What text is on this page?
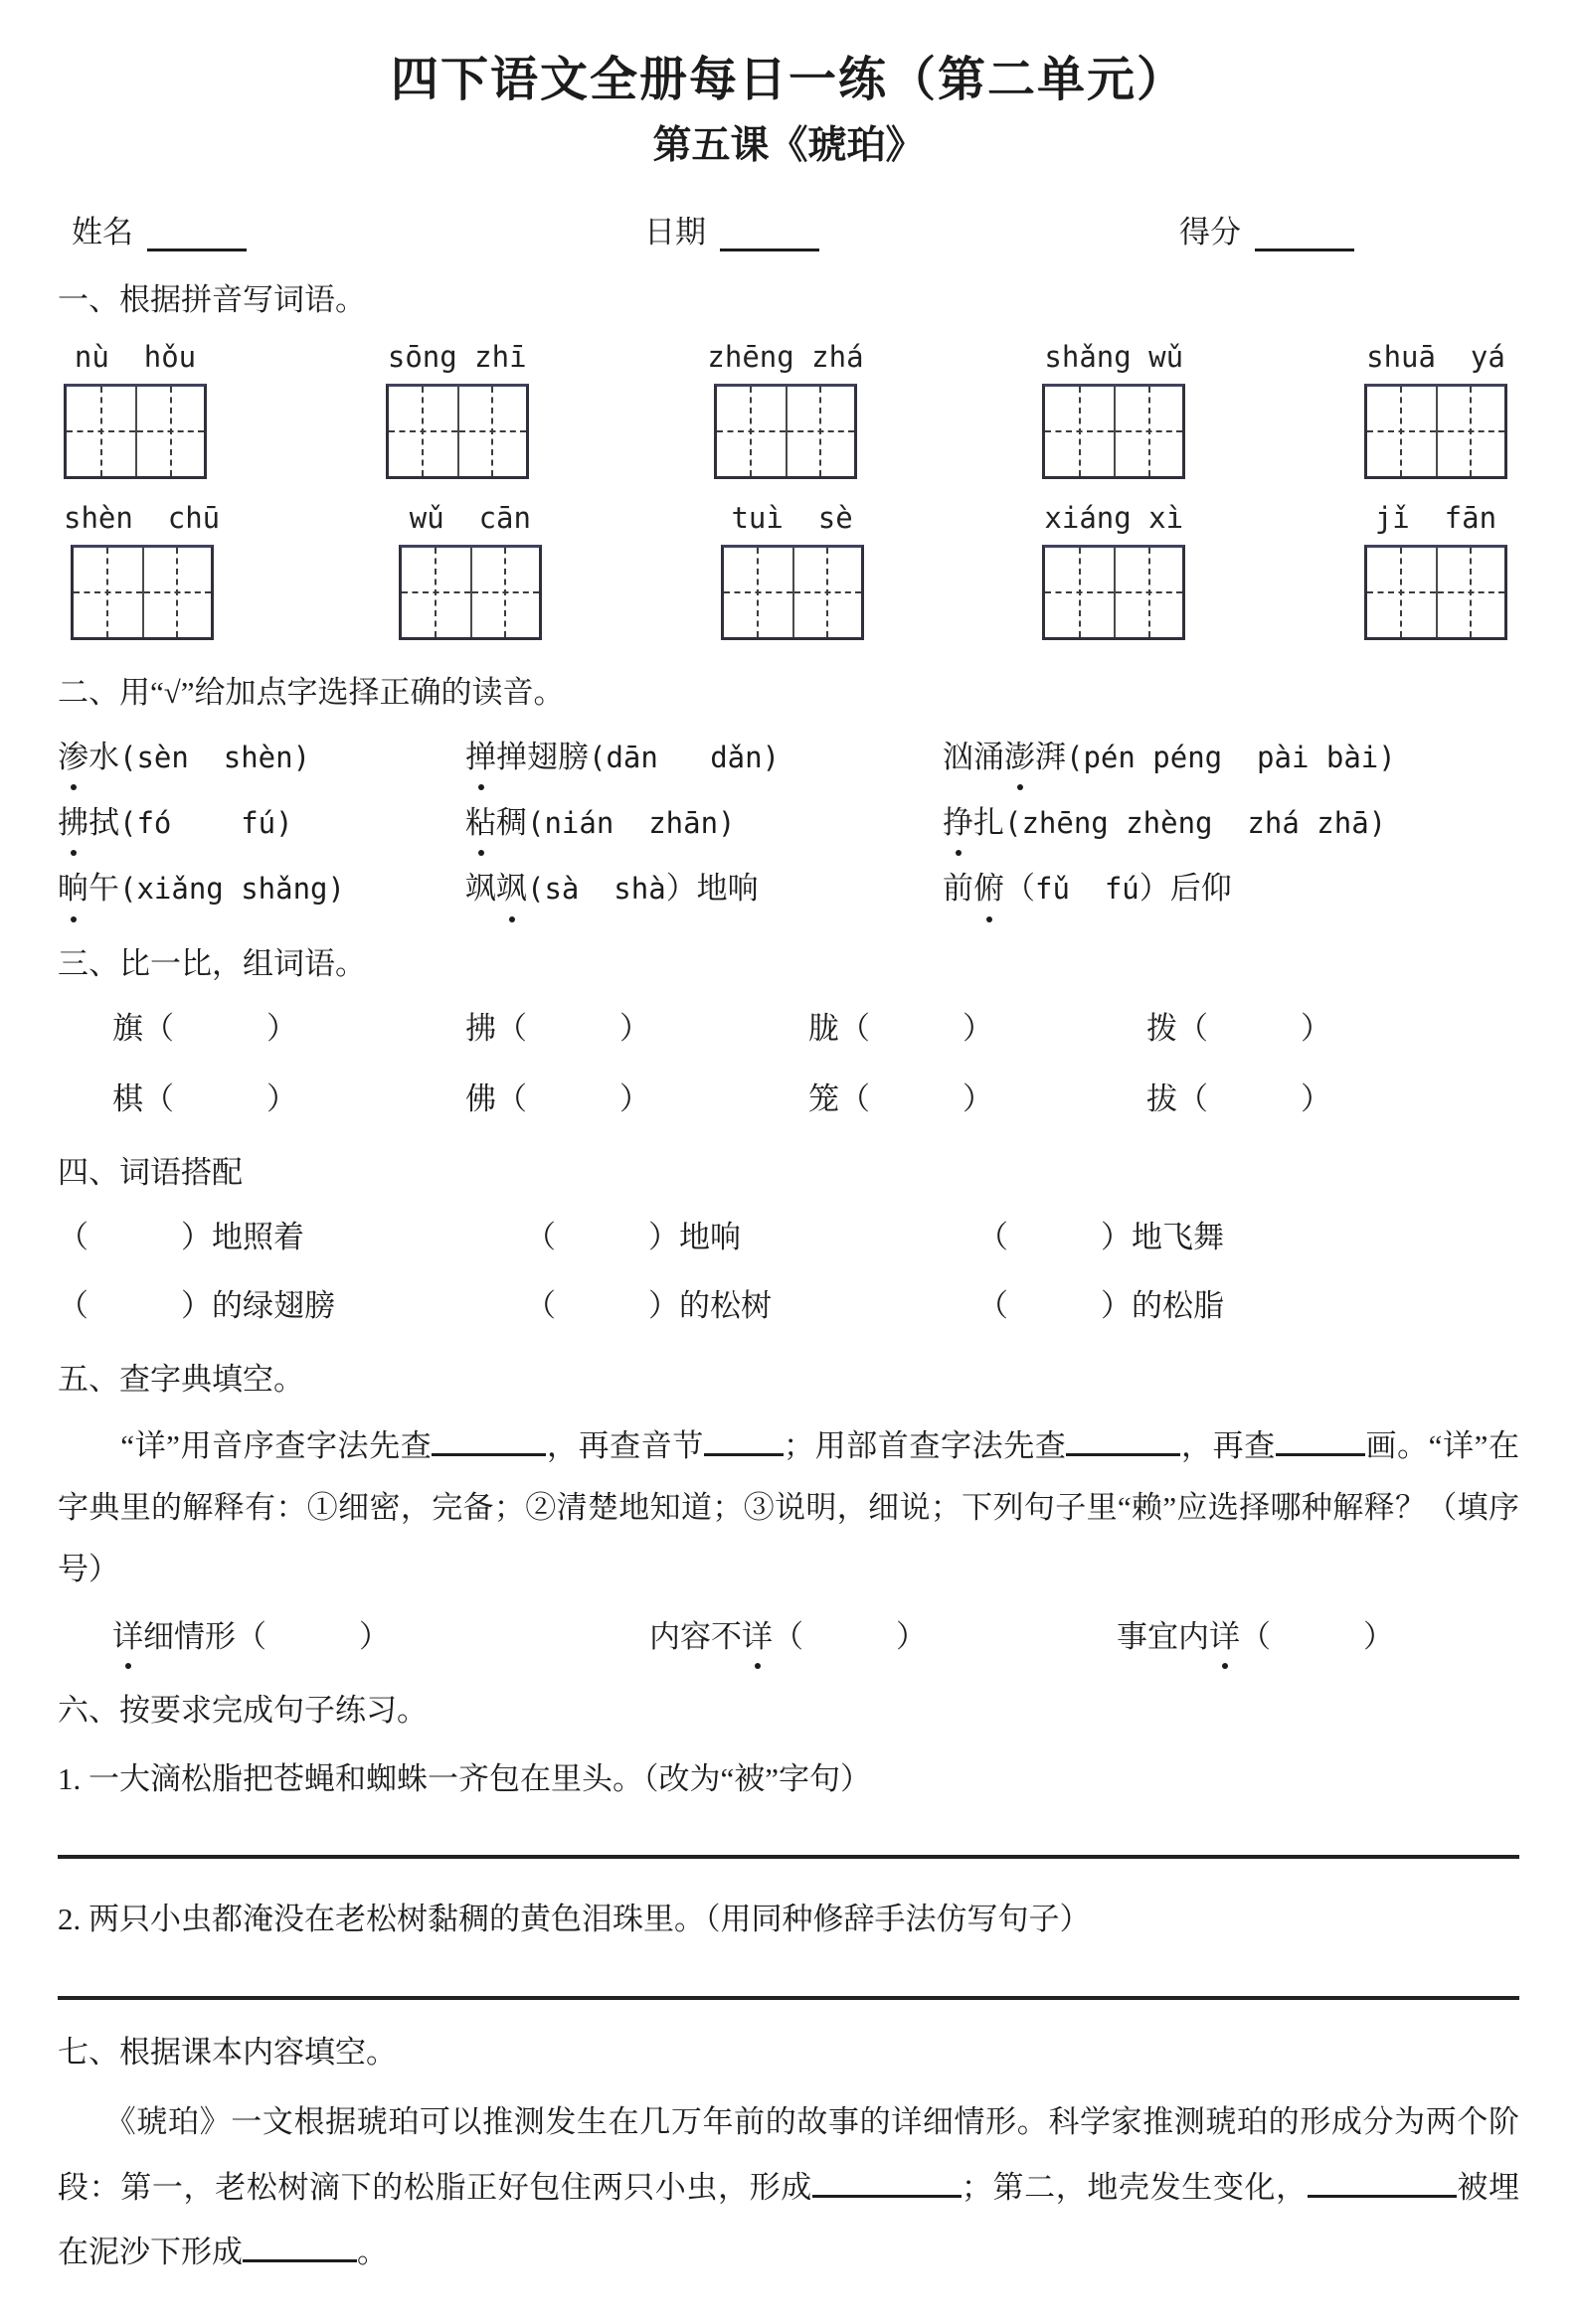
四下语文全册每日一练（第二单元）
第五课《琥珀》
姓名	日期	得分
一、根据拼音写词语。
nù  hǒu	sōng zhī	zhēng zhá	shǎng wǔ	shuā  yá
shèn  chū	wǔ  cān	tuì  sè	xiáng xì	jǐ  fān
二、用“√”给加点字选择正确的读音。
渗水(sèn  shèn)	掸掸翅膀(dān   dǎn)	汹涌澎湃(pén péng  pài bài)
拂拭(fó    fú)	粘稠(nián  zhān)	挣扎(zhēng zhèng  zhá zhā)
晌午(xiǎng shǎng)	飒飒(sà  shà）地响	前俯（fǔ  fú）后仰
三、比一比，组词语。
旗（　　　）	拂（　　　）	胧（　　　）	拨（　　　）
棋（　　　）	佛（　　　）	笼（　　　）	拔（　　　）
四、词语搭配
（　　　）地照着	（　　　）地响	（　　　）地飞舞
（　　　）的绿翅膀	（　　　）的松树	（　　　）的松脂
五、查字典填空。
　　“详”用音序查字法先查	，再查音节	；用部首查字法先查	，再查	画。“详”在字典里的解释有：①细密，完备；②清楚地知道；③说明，细说；下列句子里“赖”应选择哪种解释？（填序号）
详细情形（　　　）	内容不详（　　　）	事宜内详（　　　）
六、按要求完成句子练习。
1. 一大滴松脂把苍蝇和蜘蛛一齐包在里头。（改为“被”字句）
2. 两只小虫都淹没在老松树黏稠的黄色泪珠里。（用同种修辞手法仿写句子）
七、根据课本内容填空。
　　《琥珀》一文根据琥珀可以推测发生在几万年前的故事的详细情形。科学家推测琥珀的形成分为两个阶段：第一，老松树滴下的松脂正好包住两只小虫，形成	；第二，地壳发生变化，	被埋在泥沙下形成	。
